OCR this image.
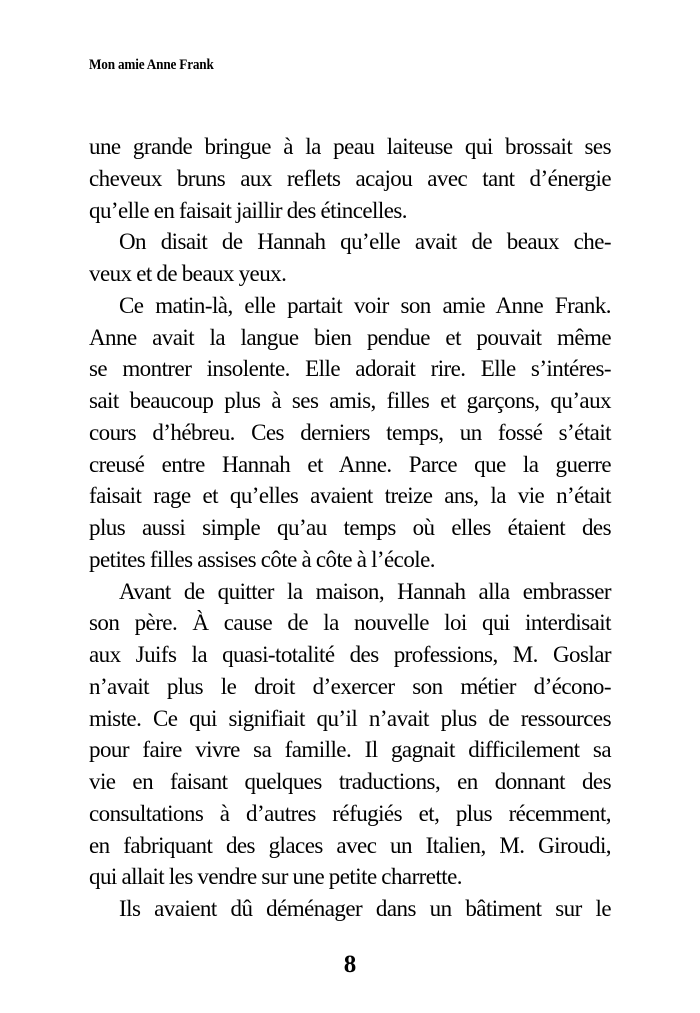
Mon amie Anne Frank
une grande bringue à la peau laiteuse qui brossait ses
cheveux bruns aux reflets acajou avec tant d’énergie
qu’elle en faisait jaillir des étincelles.
On disait de Hannah qu’elle avait de beaux che-
veux et de beaux yeux.
Ce matin-là, elle partait voir son amie Anne Frank.
Anne avait la langue bien pendue et pouvait même
se montrer insolente. Elle adorait rire. Elle s’intéres-
sait beaucoup plus à ses amis, filles et garçons, qu’aux
cours d’hébreu. Ces derniers temps, un fossé s’était
creusé entre Hannah et Anne. Parce que la guerre
faisait rage et qu’elles avaient treize ans, la vie n’était
plus aussi simple qu’au temps où elles étaient des
petites filles assises côte à côte à l’école.
Avant de quitter la maison, Hannah alla embrasser
son père. À cause de la nouvelle loi qui interdisait
aux Juifs la quasi-totalité des professions, M. Goslar
n’avait plus le droit d’exercer son métier d’écono-
miste. Ce qui signifiait qu’il n’avait plus de ressources
pour faire vivre sa famille. Il gagnait difficilement sa
vie en faisant quelques traductions, en donnant des
consultations à d’autres réfugiés et, plus récemment,
en fabriquant des glaces avec un Italien, M. Giroudi,
qui allait les vendre sur une petite charrette.
Ils avaient dû déménager dans un bâtiment sur le
8
